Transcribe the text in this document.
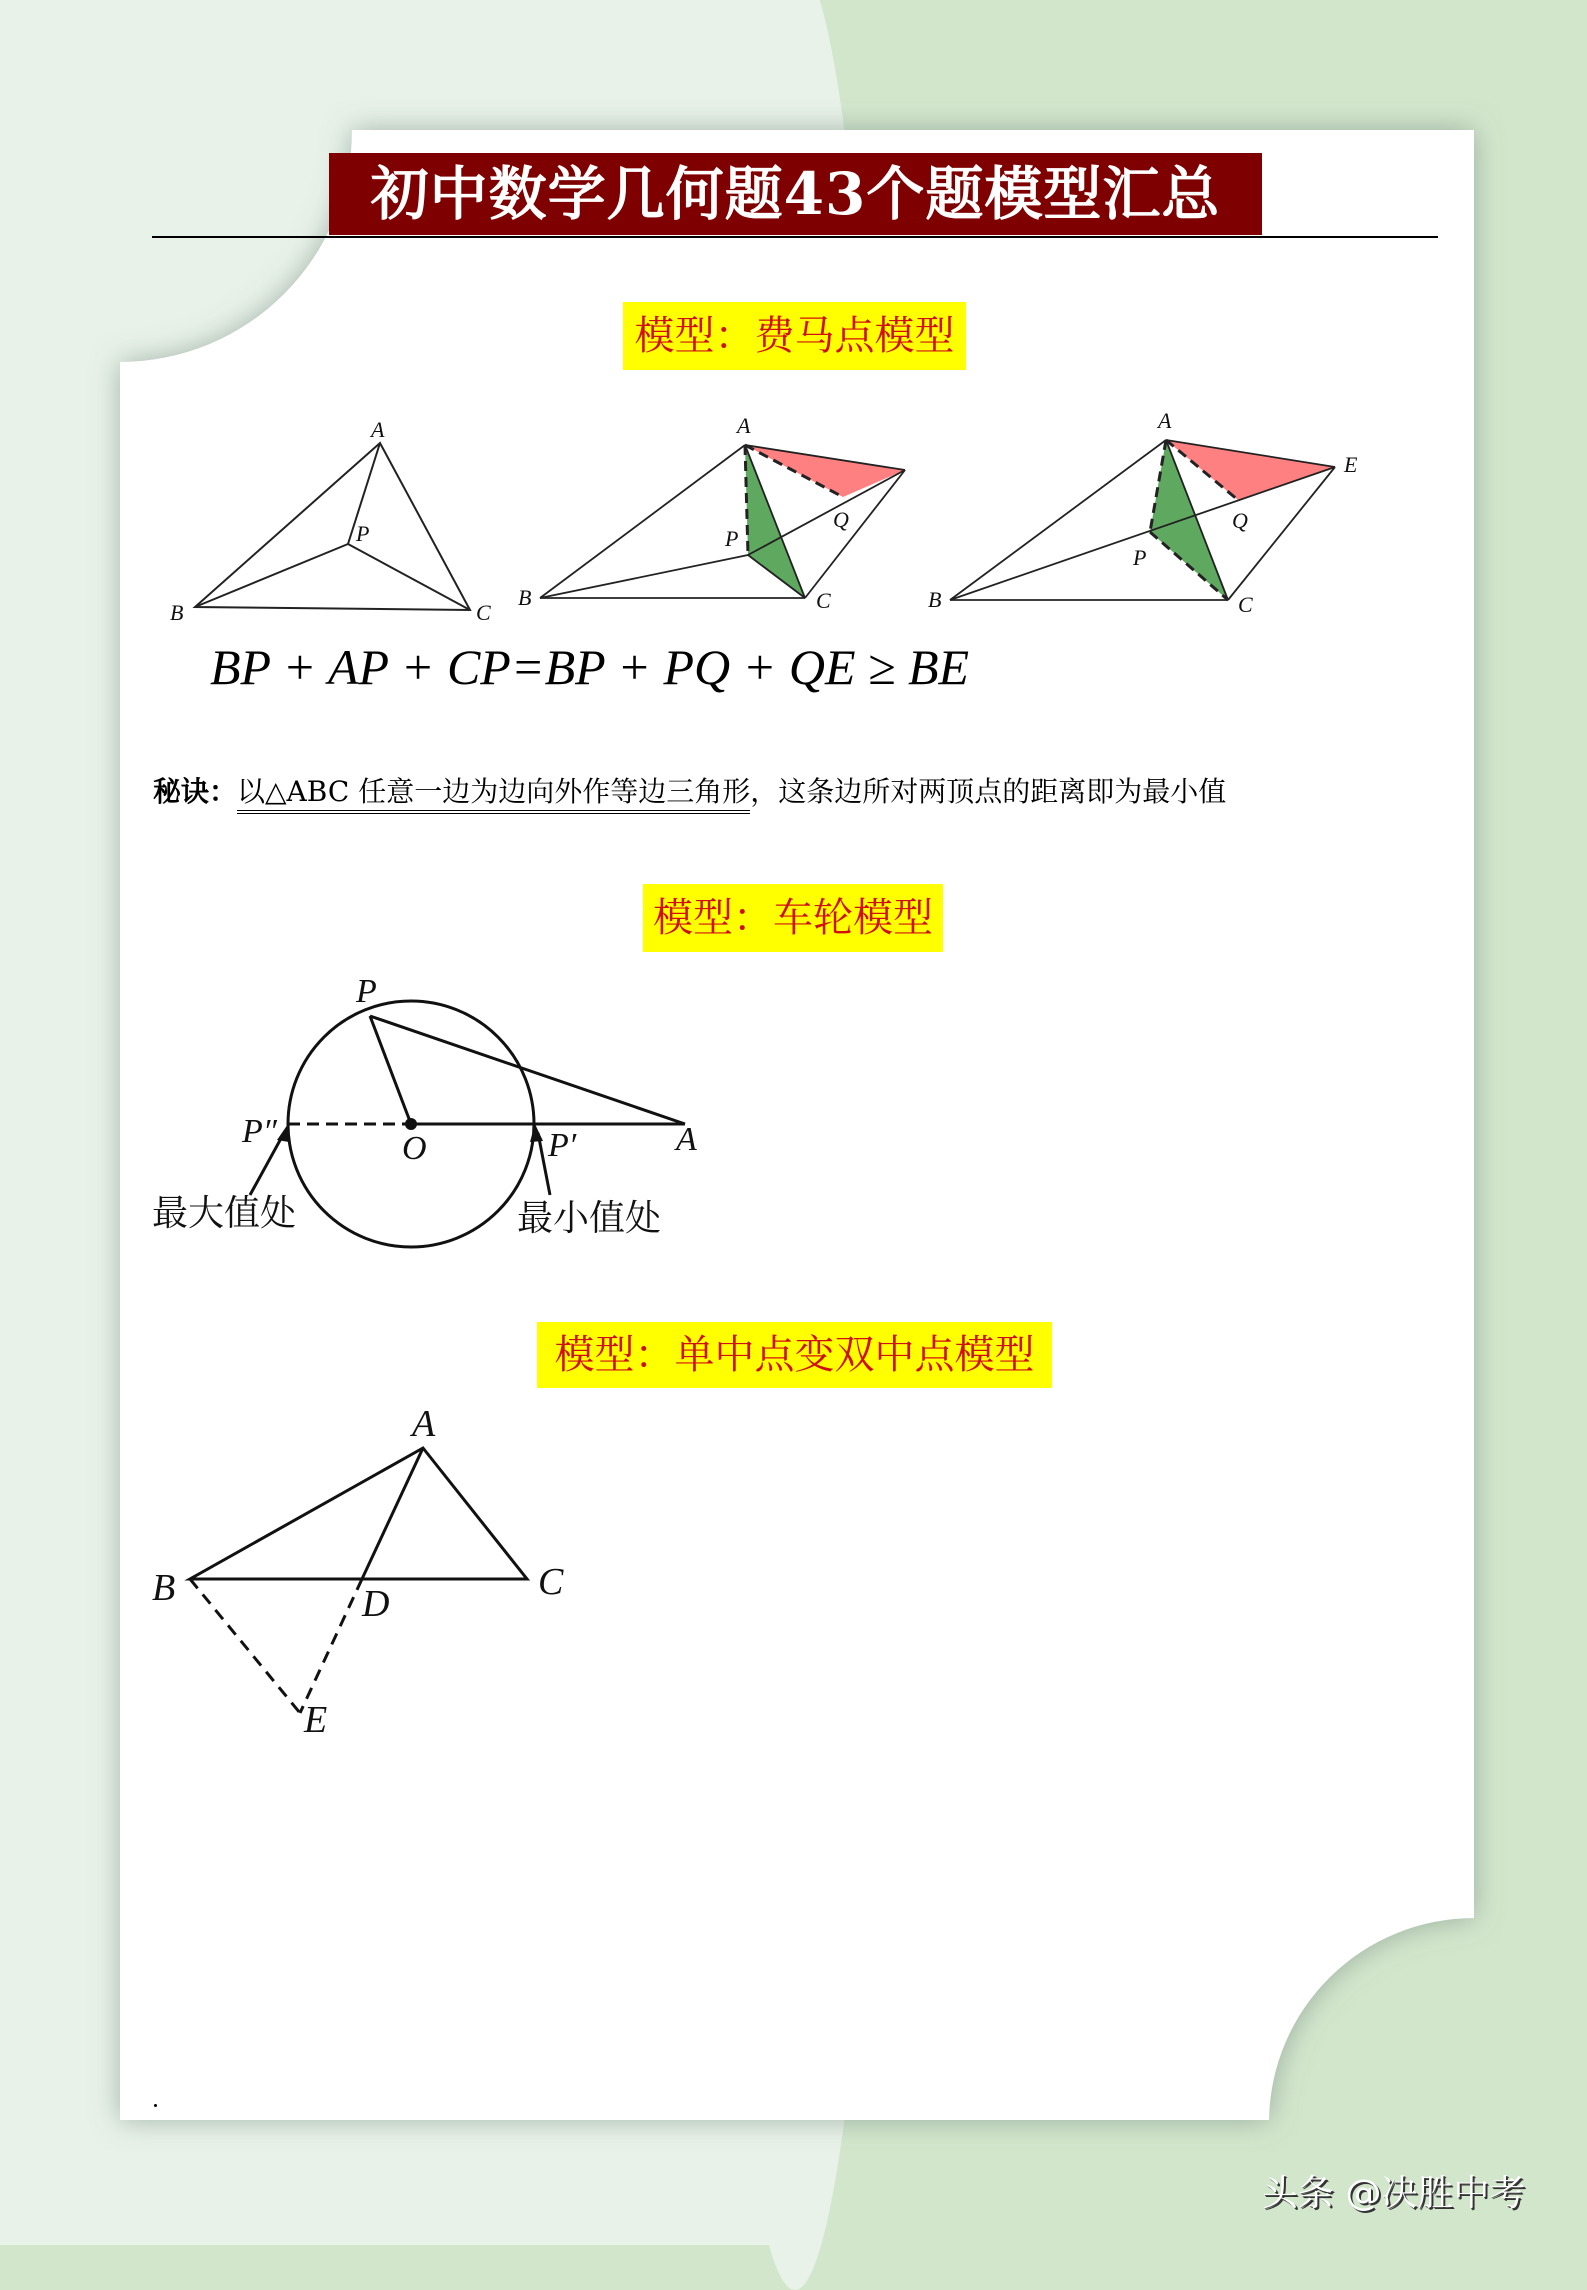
初中数学几何题43个题模型汇总
模型：费马点模型
A
B	C
P
A
B	C
P
Q
A
B	C
P
Q
E
BP + AP + CP=BP + PQ + QE ≥ BE
秘诀：以△ABC 任意一边为边向外作等边三角形，这条边所对两顶点的距离即为最小值
模型：车轮模型
P
O	A
P′
P″
最大值处	最小值处
模型：单中点变双中点模型
A
B	C
D
E
头条 @决胜中考
